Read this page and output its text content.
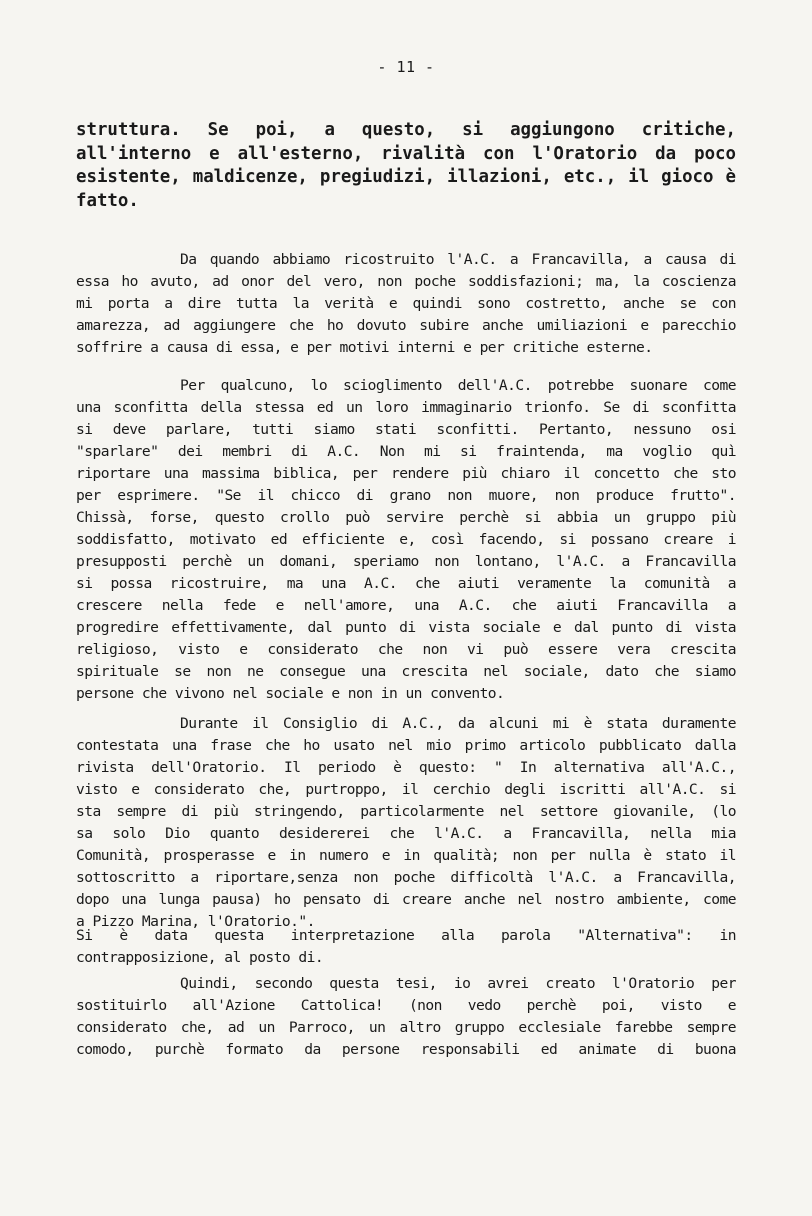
- 11 -
struttura. Se poi, a questo, si aggiungono critiche,
all'interno e all'esterno, rivalità con l'Oratorio da poco
esistente, maldicenze, pregiudizi, illazioni, etc., il gioco è
fatto.
Da quando abbiamo ricostruito l'A.C. a Francavilla, a causa di
essa ho avuto, ad onor del vero, non poche soddisfazioni; ma, la coscienza
mi porta a dire tutta la verità e quindi sono costretto, anche se con
amarezza, ad aggiungere che ho dovuto subire anche umiliazioni e parecchio
soffrire a causa di essa, e per motivi interni e per critiche esterne.
Per qualcuno, lo scioglimento dell'A.C. potrebbe suonare come
una sconfitta della stessa ed un loro immaginario trionfo. Se di sconfitta
si deve parlare, tutti siamo stati sconfitti. Pertanto, nessuno osi
"sparlare" dei membri di A.C. Non mi si fraintenda, ma voglio quì
riportare una massima biblica, per rendere più chiaro il concetto che sto
per esprimere. "Se il chicco di grano non muore, non produce frutto".
Chissà, forse, questo crollo può servire perchè si abbia un gruppo più
soddisfatto, motivato ed efficiente e, così facendo, si possano creare i
presupposti perchè un domani, speriamo non lontano, l'A.C. a Francavilla
si possa ricostruire, ma una A.C. che aiuti veramente la comunità a
crescere nella fede e nell'amore, una A.C. che aiuti Francavilla a
progredire effettivamente, dal punto di vista sociale e dal punto di vista
religioso, visto e considerato che non vi può essere vera crescita
spirituale se non ne consegue una crescita nel sociale, dato che siamo
persone che vivono nel sociale e non in un convento.
Durante il Consiglio di A.C., da alcuni mi è stata duramente
contestata una frase che ho usato nel mio primo articolo pubblicato dalla
rivista dell'Oratorio. Il periodo è questo: " In alternativa all'A.C.,
visto e considerato che, purtroppo, il cerchio degli iscritti all'A.C. si
sta sempre di più stringendo, particolarmente nel settore giovanile, (lo
sa solo Dio quanto desidererei che l'A.C. a Francavilla, nella mia
Comunità, prosperasse e in numero e in qualità; non per nulla è stato il
sottoscritto a riportare,senza non poche difficoltà l'A.C. a Francavilla,
dopo una lunga pausa) ho pensato di creare anche nel nostro ambiente, come
a Pizzo Marina, l'Oratorio.".
Si è data questa interpretazione alla parola "Alternativa": in
contrapposizione, al posto di.
Quindi, secondo questa tesi, io avrei creato l'Oratorio per
sostituirlo all'Azione Cattolica! (non vedo perchè poi, visto e
considerato che, ad un Parroco, un altro gruppo ecclesiale farebbe sempre
comodo, purchè formato da persone responsabili ed animate di buona
